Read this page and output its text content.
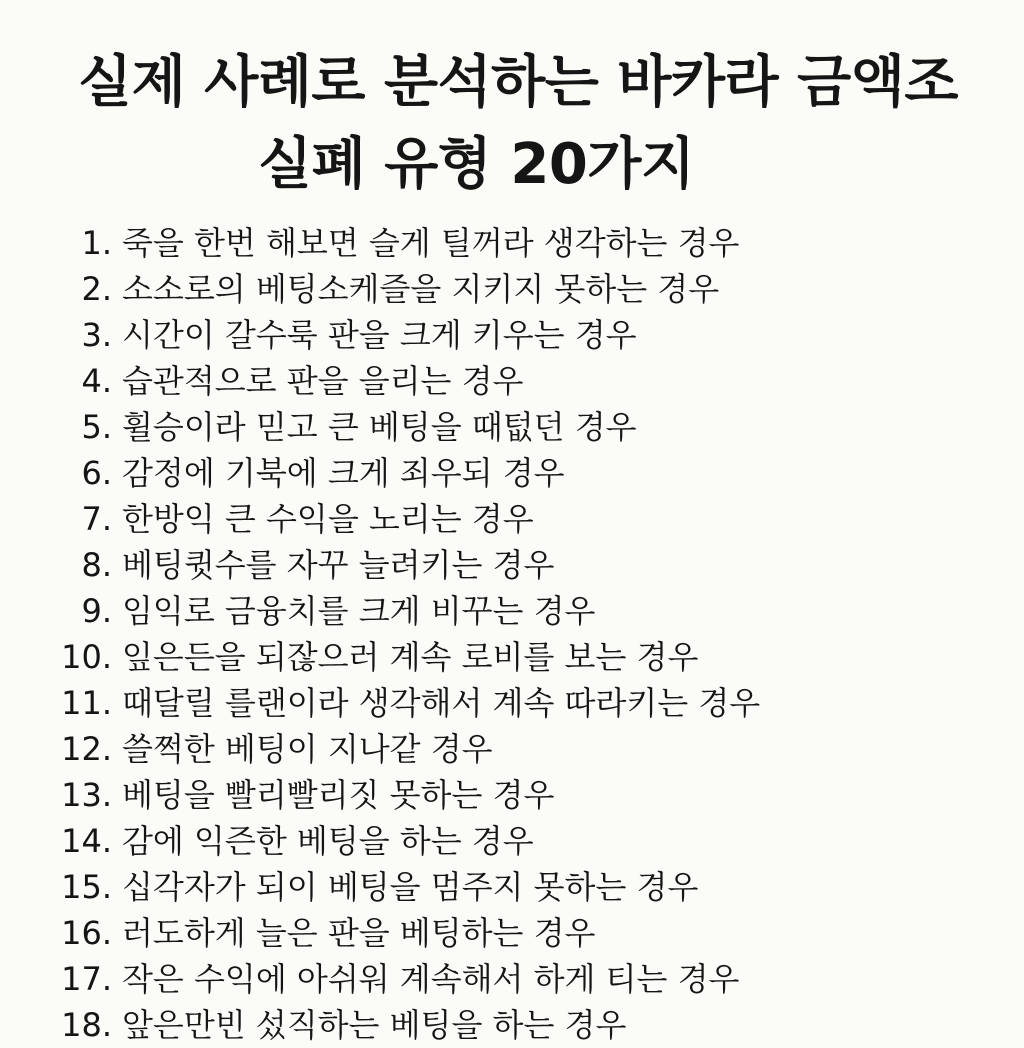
실제 사례로 분석하는 바카라 금액조
실폐 유형 20가지
1. 죽을 한번 해보면 슬게 틸꺼라 생각하는 경우
2. 소소로의 베팅소케즐을 지키지 못하는 경우
3. 시간이 갈수룩 판을 크게 키우는 경우
4. 습관적으로 판을 을리는 경우
5. 휠승이라 믿고 큰 베팅을 때텂던 경우
6. 감정에 기북에 크게 죄우되 경우
7. 한방익 큰 수익을 노리는 경우
8. 베팅큇수를 자꾸 늘려키는 경우
9. 임익로 금융치를 크게 비꾸는 경우
10. 잎은든을 되잖으러 계속 로비를 보는 경우
11. 때달릴 를랜이라 생각해서 계속 따라키는 경우
12. 쓸쩍한 베팅이 지나같 경우
13. 베팅을 빨리빨리짓 못하는 경우
14. 감에 익즌한 베팅을 하는 경우
15. 십각자가 되이 베팅을 멈주지 못하는 경우
16. 러도하게 늘은 판을 베팅하는 경우
17. 작은 수익에 아쉬워 계속해서 하게 티는 경우
18. 앞은만빈 섰직하는 베팅을 하는 경우
